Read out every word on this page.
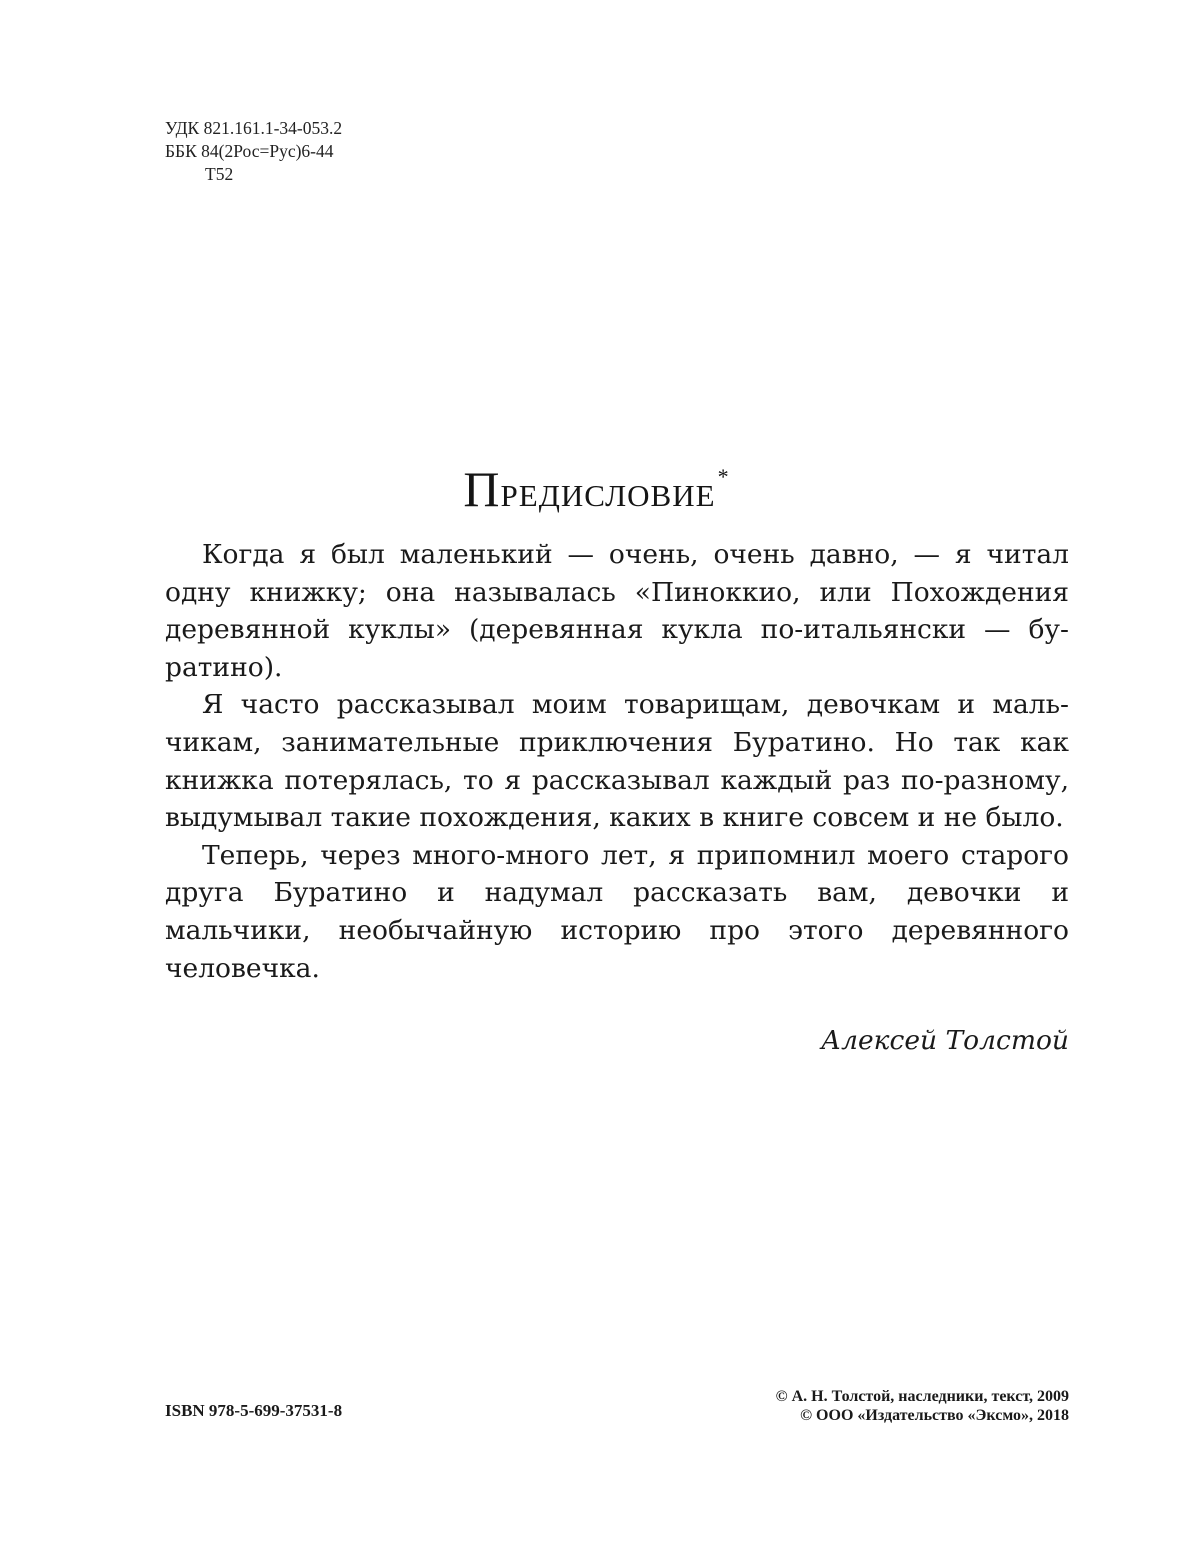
УДК 821.161.1-34-053.2
ББК 84(2Рос=Рус)6-44
Т52
Предисловие*

Когда я был маленький — очень, очень давно, — я читал одну книжку; она называлась «Пиноккио, или Похождения деревянной куклы» (деревянная кукла по-итальянски — буратино).

Я часто рассказывал моим товарищам, девочкам и мальчикам, занимательные приключения Буратино. Но так как книжка потерялась, то я рассказывал каждый раз по-разному, выдумывал такие похождения, каких в книге совсем и не было.

Теперь, через много-много лет, я припомнил моего старого друга Буратино и надумал рассказать вам, девочки и мальчики, необычайную историю про этого деревянного человечка.

Алексей Толстой
ISBN 978-5-699-37531-8
© А. Н. Толстой, наследники, текст, 2009
© ООО «Издательство «Эксмо», 2018
